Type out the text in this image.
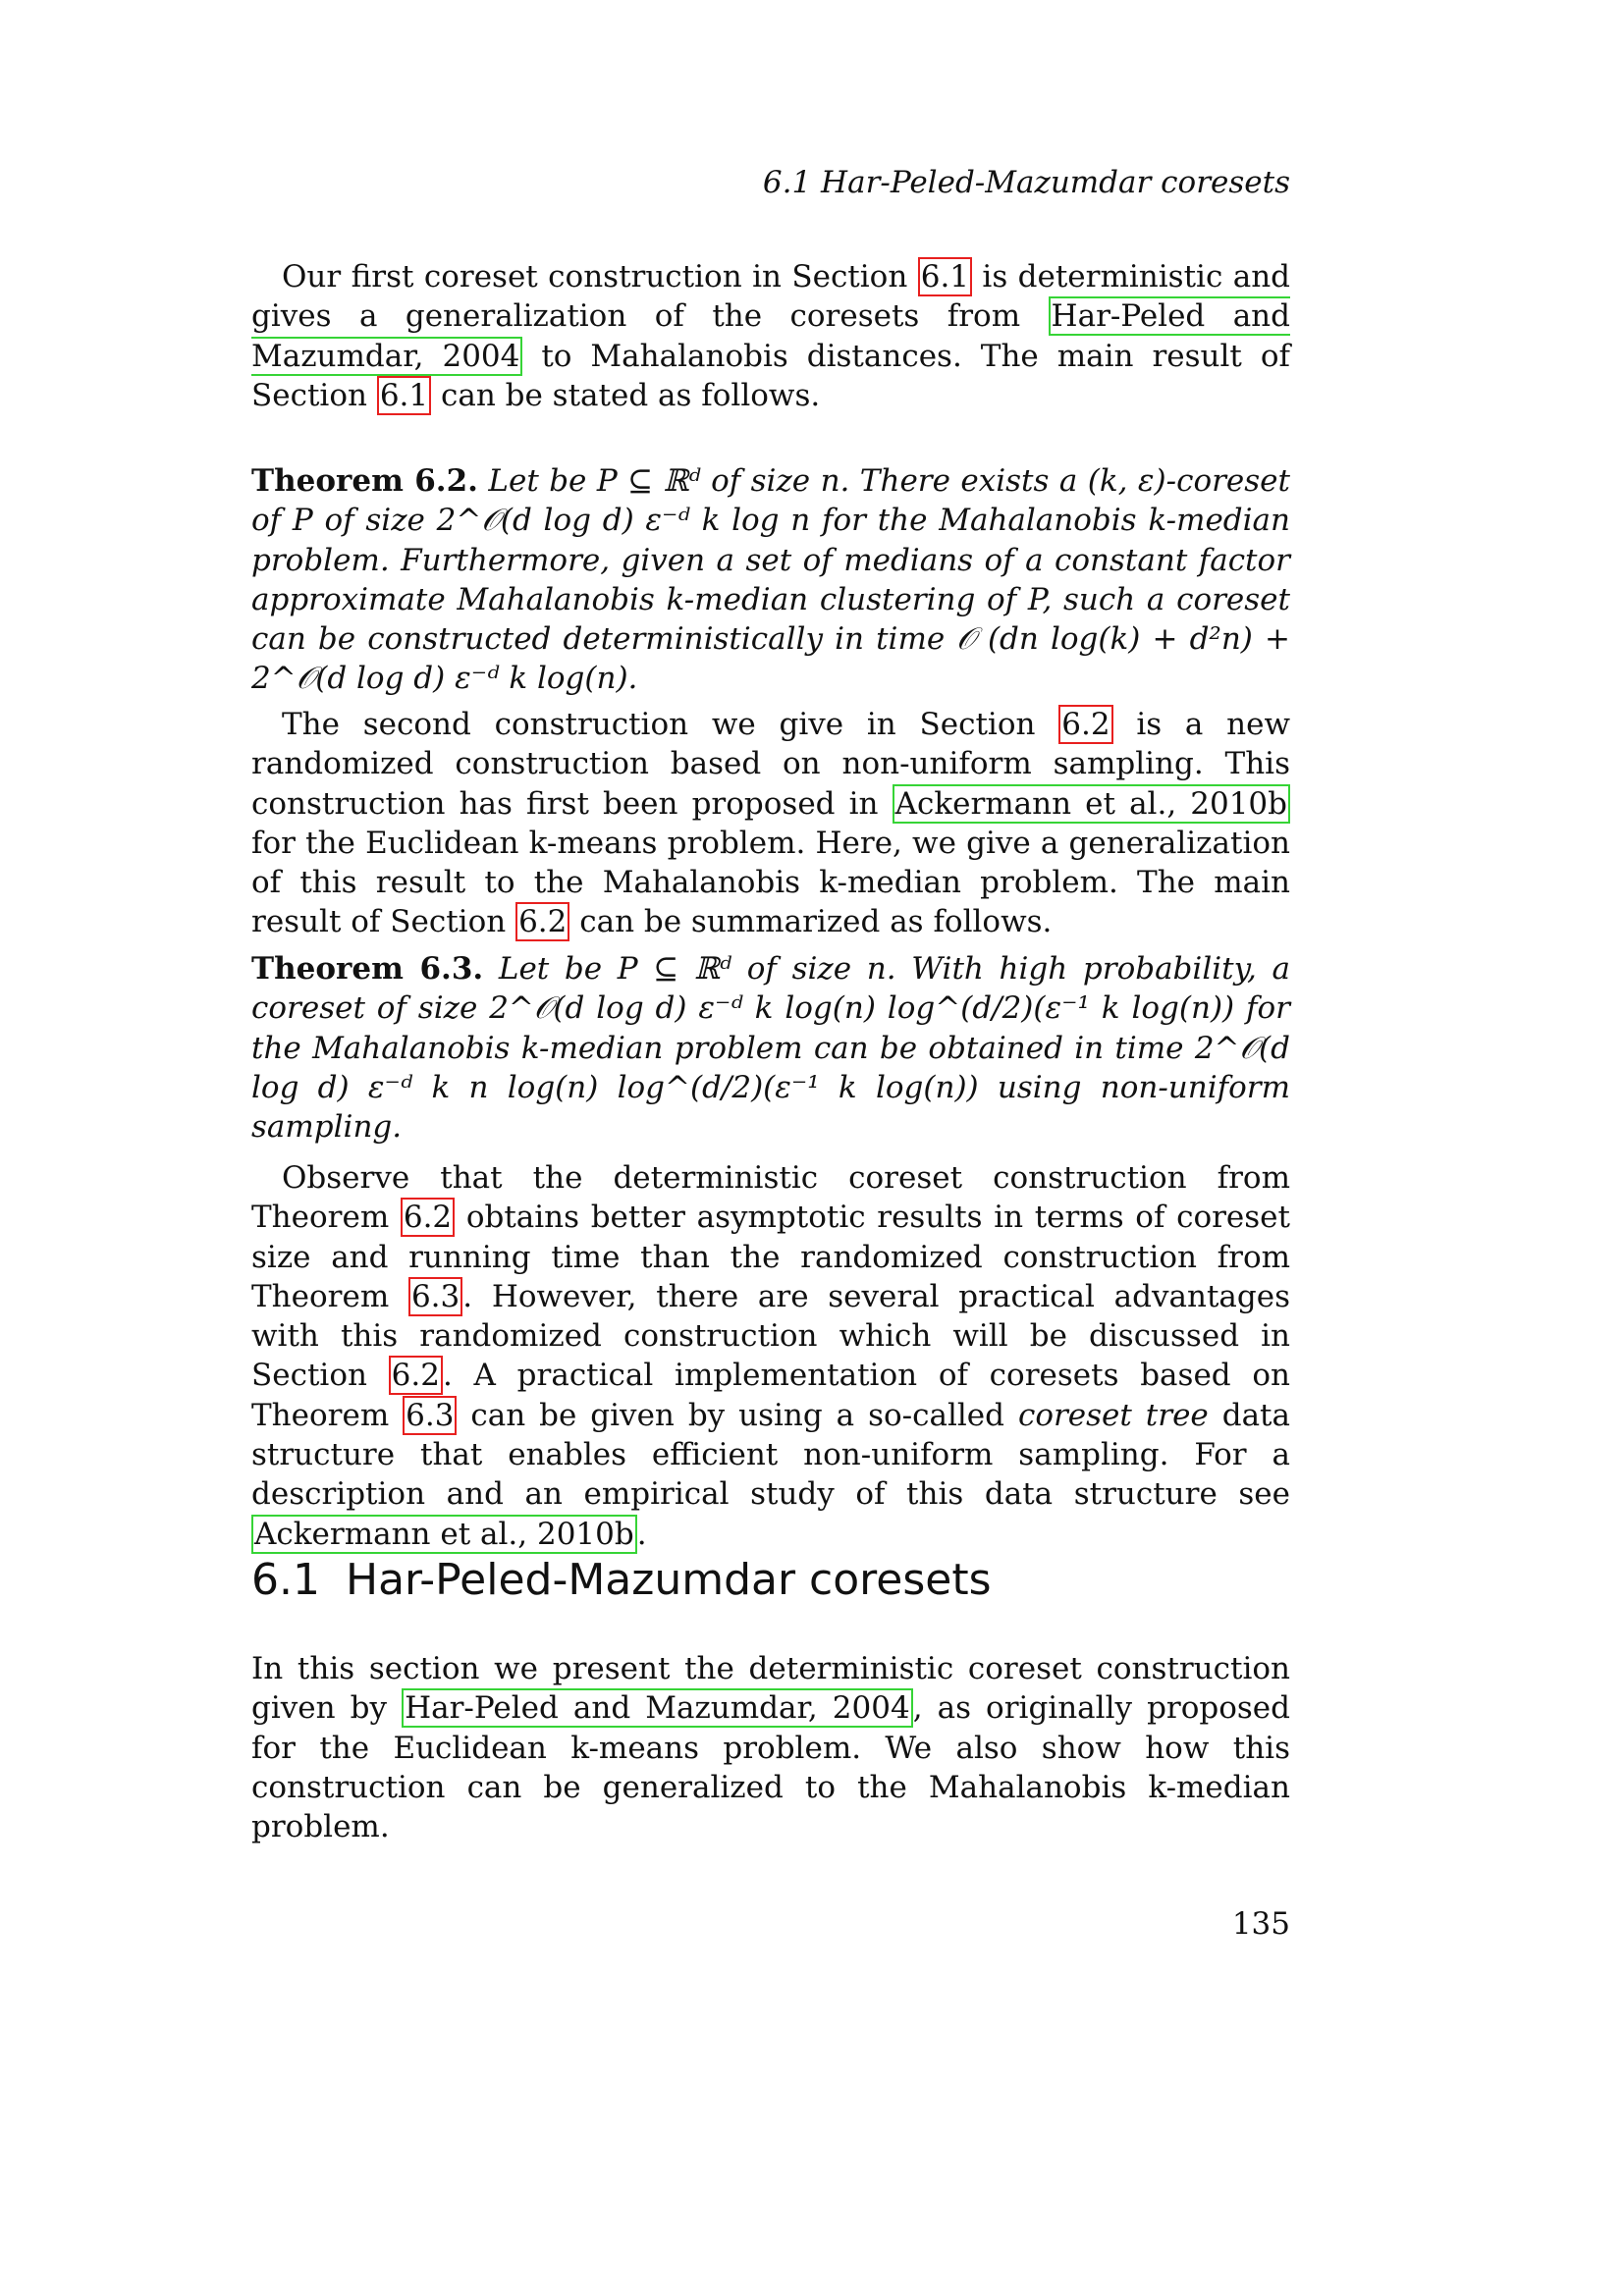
6.1 Har-Peled-Mazumdar coresets

Our first coreset construction in Section 6.1 is deterministic and gives a generalization of the coresets from Har-Peled and Mazumdar, 2004 to Mahalanobis distances. The main result of Section 6.1 can be stated as follows.

Theorem 6.2. Let be P ⊆ ℝᵈ of size n. There exists a (k, ε)-coreset of P of size 2^𝒪(d log d) ε⁻ᵈ k log n for the Mahalanobis k-median problem. Furthermore, given a set of medians of a constant factor approximate Mahalanobis k-median clustering of P, such a coreset can be constructed deterministically in time 𝒪 (dn log(k) + d²n) + 2^𝒪(d log d) ε⁻ᵈ k log(n).

The second construction we give in Section 6.2 is a new randomized construction based on non-uniform sampling. This construction has first been proposed in Ackermann et al., 2010b for the Euclidean k-means problem. Here, we give a generalization of this result to the Mahalanobis k-median problem. The main result of Section 6.2 can be summarized as follows.

Theorem 6.3. Let be P ⊆ ℝᵈ of size n. With high probability, a coreset of size 2^𝒪(d log d) ε⁻ᵈ k log(n) log^(d/2)(ε⁻¹ k log(n)) for the Mahalanobis k-median problem can be obtained in time 2^𝒪(d log d) ε⁻ᵈ k n log(n) log^(d/2)(ε⁻¹ k log(n)) using non-uniform sampling.

Observe that the deterministic coreset construction from Theorem 6.2 obtains better asymptotic results in terms of coreset size and running time than the randomized construction from Theorem 6.3. However, there are several practical advantages with this randomized construction which will be discussed in Section 6.2. A practical implementation of coresets based on Theorem 6.3 can be given by using a so-called coreset tree data structure that enables efficient non-uniform sampling. For a description and an empirical study of this data structure see Ackermann et al., 2010b.

6.1 Har-Peled-Mazumdar coresets

In this section we present the deterministic coreset construction given by Har-Peled and Mazumdar, 2004, as originally proposed for the Euclidean k-means problem. We also show how this construction can be generalized to the Mahalanobis k-median problem.

135
